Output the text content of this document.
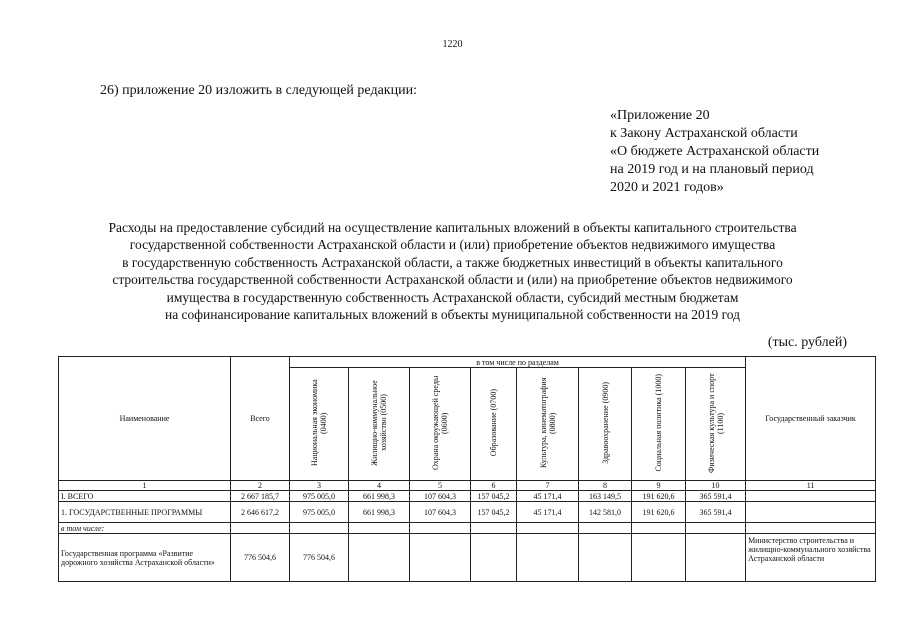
1220
26) приложение 20 изложить в следующей редакции:
«Приложение 20
к Закону Астраханской области
«О бюджете Астраханской области
на 2019 год и на плановый период
2020 и 2021 годов»
Расходы на предоставление субсидий на осуществление капитальных вложений в объекты капитального строительства
государственной собственности Астраханской области и (или) приобретение объектов недвижимого имущества
в государственную собственность Астраханской области, а также бюджетных инвестиций в объекты капитального
строительства государственной собственности Астраханской области и (или) на приобретение объектов недвижимого
имущества в государственную собственность Астраханской области, субсидий местным бюджетам
на софинансирование капитальных вложений в объекты муниципальной собственности на 2019 год
(тыс. рублей)
Наименование	Всего	в том числе по разделам								Государственный заказчик
		Национальная экономика (0400)	Жилищно-коммунальное хозяйство (0500)	Охрана окружающей среды (0600)	Образование (0700)	Культура, кинематография (0800)	Здравоохранение (0900)	Социальная политика (1000)	Физическая культура и спорт (1100)	
1	2	3	4	5	6	7	8	9	10	11
I. ВСЕГО	2 667 185,7	975 005,0	661 998,3	107 604,3	157 045,2	45 171,4	163 149,5	191 620,6	365 591,4	
1. ГОСУДАРСТВЕННЫЕ ПРОГРАММЫ	2 646 617,2	975 005,0	661 998,3	107 604,3	157 045,2	45 171,4	142 581,0	191 620,6	365 591,4	
в том числе:										
Государственная программа «Развитие дорожного хозяйства Астраханской области»	776 504,6	776 504,6								Министерство строительства и жилищно-коммунального хозяйства Астраханской области
